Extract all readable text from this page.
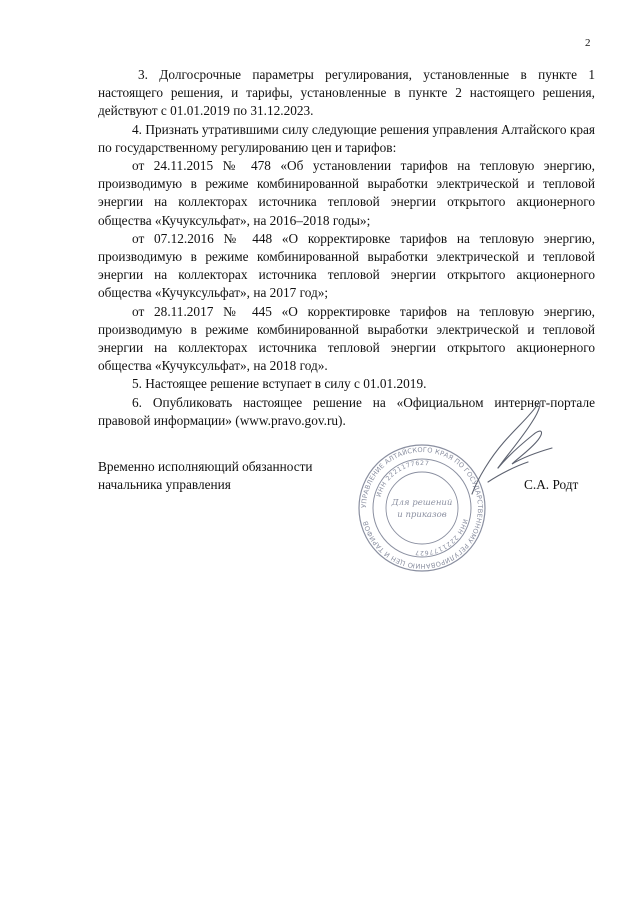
2

3. Долгосрочные параметры регулирования, установленные в пункте 1 настоящего решения, и тарифы, установленные в пункте 2 настоящего решения, действуют с 01.01.2019 по 31.12.2023.

4. Признать утратившими силу следующие решения управления Алтайского края по государственному регулированию цен и тарифов:

от 24.11.2015 № 478 «Об установлении тарифов на тепловую энергию, производимую в режиме комбинированной выработки электрической и тепловой энергии на коллекторах источника тепловой энергии открытого акционерного общества «Кучуксульфат», на 2016–2018 годы»;

от 07.12.2016 № 448 «О корректировке тарифов на тепловую энергию, производимую в режиме комбинированной выработки электрической и тепловой энергии на коллекторах источника тепловой энергии открытого акционерного общества «Кучуксульфат», на 2017 год»;

от 28.11.2017 № 445 «О корректировке тарифов на тепловую энергию, производимую в режиме комбинированной выработки электрической и тепловой энергии на коллекторах источника тепловой энергии открытого акционерного общества «Кучуксульфат», на 2018 год».

5. Настоящее решение вступает в силу с 01.01.2019.

6. Опубликовать настоящее решение на «Официальном интернет-портале правовой информации» (www.pravo.gov.ru).

Временно исполняющий обязанности начальника управления
УПРАВЛЕНИЕ АЛТАЙСКОГО КРАЯ ПО ГОСУДАРСТВЕННОМУ РЕГУЛИРОВАНИЮ ЦЕН И ТАРИФОВ
ИНН 2221177627
ИНН 2221177627
Для решений
и приказов
С.А. Родт
